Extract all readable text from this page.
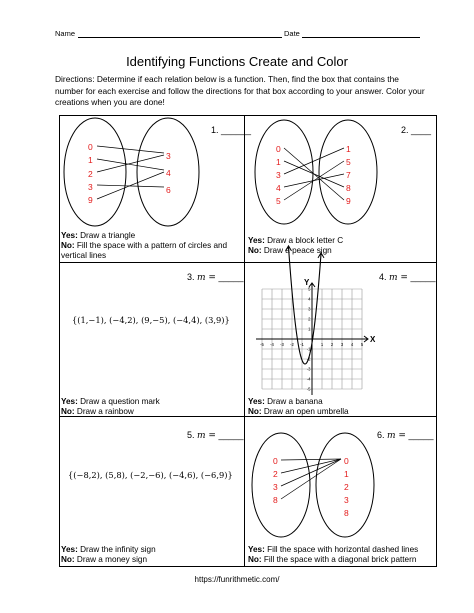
Name	Date
Identifying Functions Create and Color
Directions: Determine if each relation below is a function. Then, find the box that contains the number for each exercise and follow the directions for that box according to your answer. Color your creations when you are done!
1. ______
0
1
2
3
9
3
4
6
Yes: Draw a triangle
No: Fill the space with a pattern of circles and vertical lines
2. ____
0
1
3
4
5
1
5
7
8
9
Yes: Draw a block letter C
No: Draw a peace sign
3. m = _____
{(1,−1), (−4,2), (9,−5), (−4,4), (3,9)}
Yes: Draw a question mark
No: Draw a rainbow
4. m = _____
X
Y
-5 -4 -3 -2 -1	1 2 3 4 5
5
4
3
2
1
-1
-2
-3
-4
-5
Yes: Draw a banana
No: Draw an open umbrella
5. m = _____
{(−8,2), (5,8), (−2,−6), (−4,6), (−6,9)}
Yes: Draw the infinity sign
No: Draw a money sign
6. m = _____
0
2
3
8
0
1
2
3
8
Yes: Fill the space with horizontal dashed lines
No: Fill the space with a diagonal brick pattern
https://funrithmetic.com/
